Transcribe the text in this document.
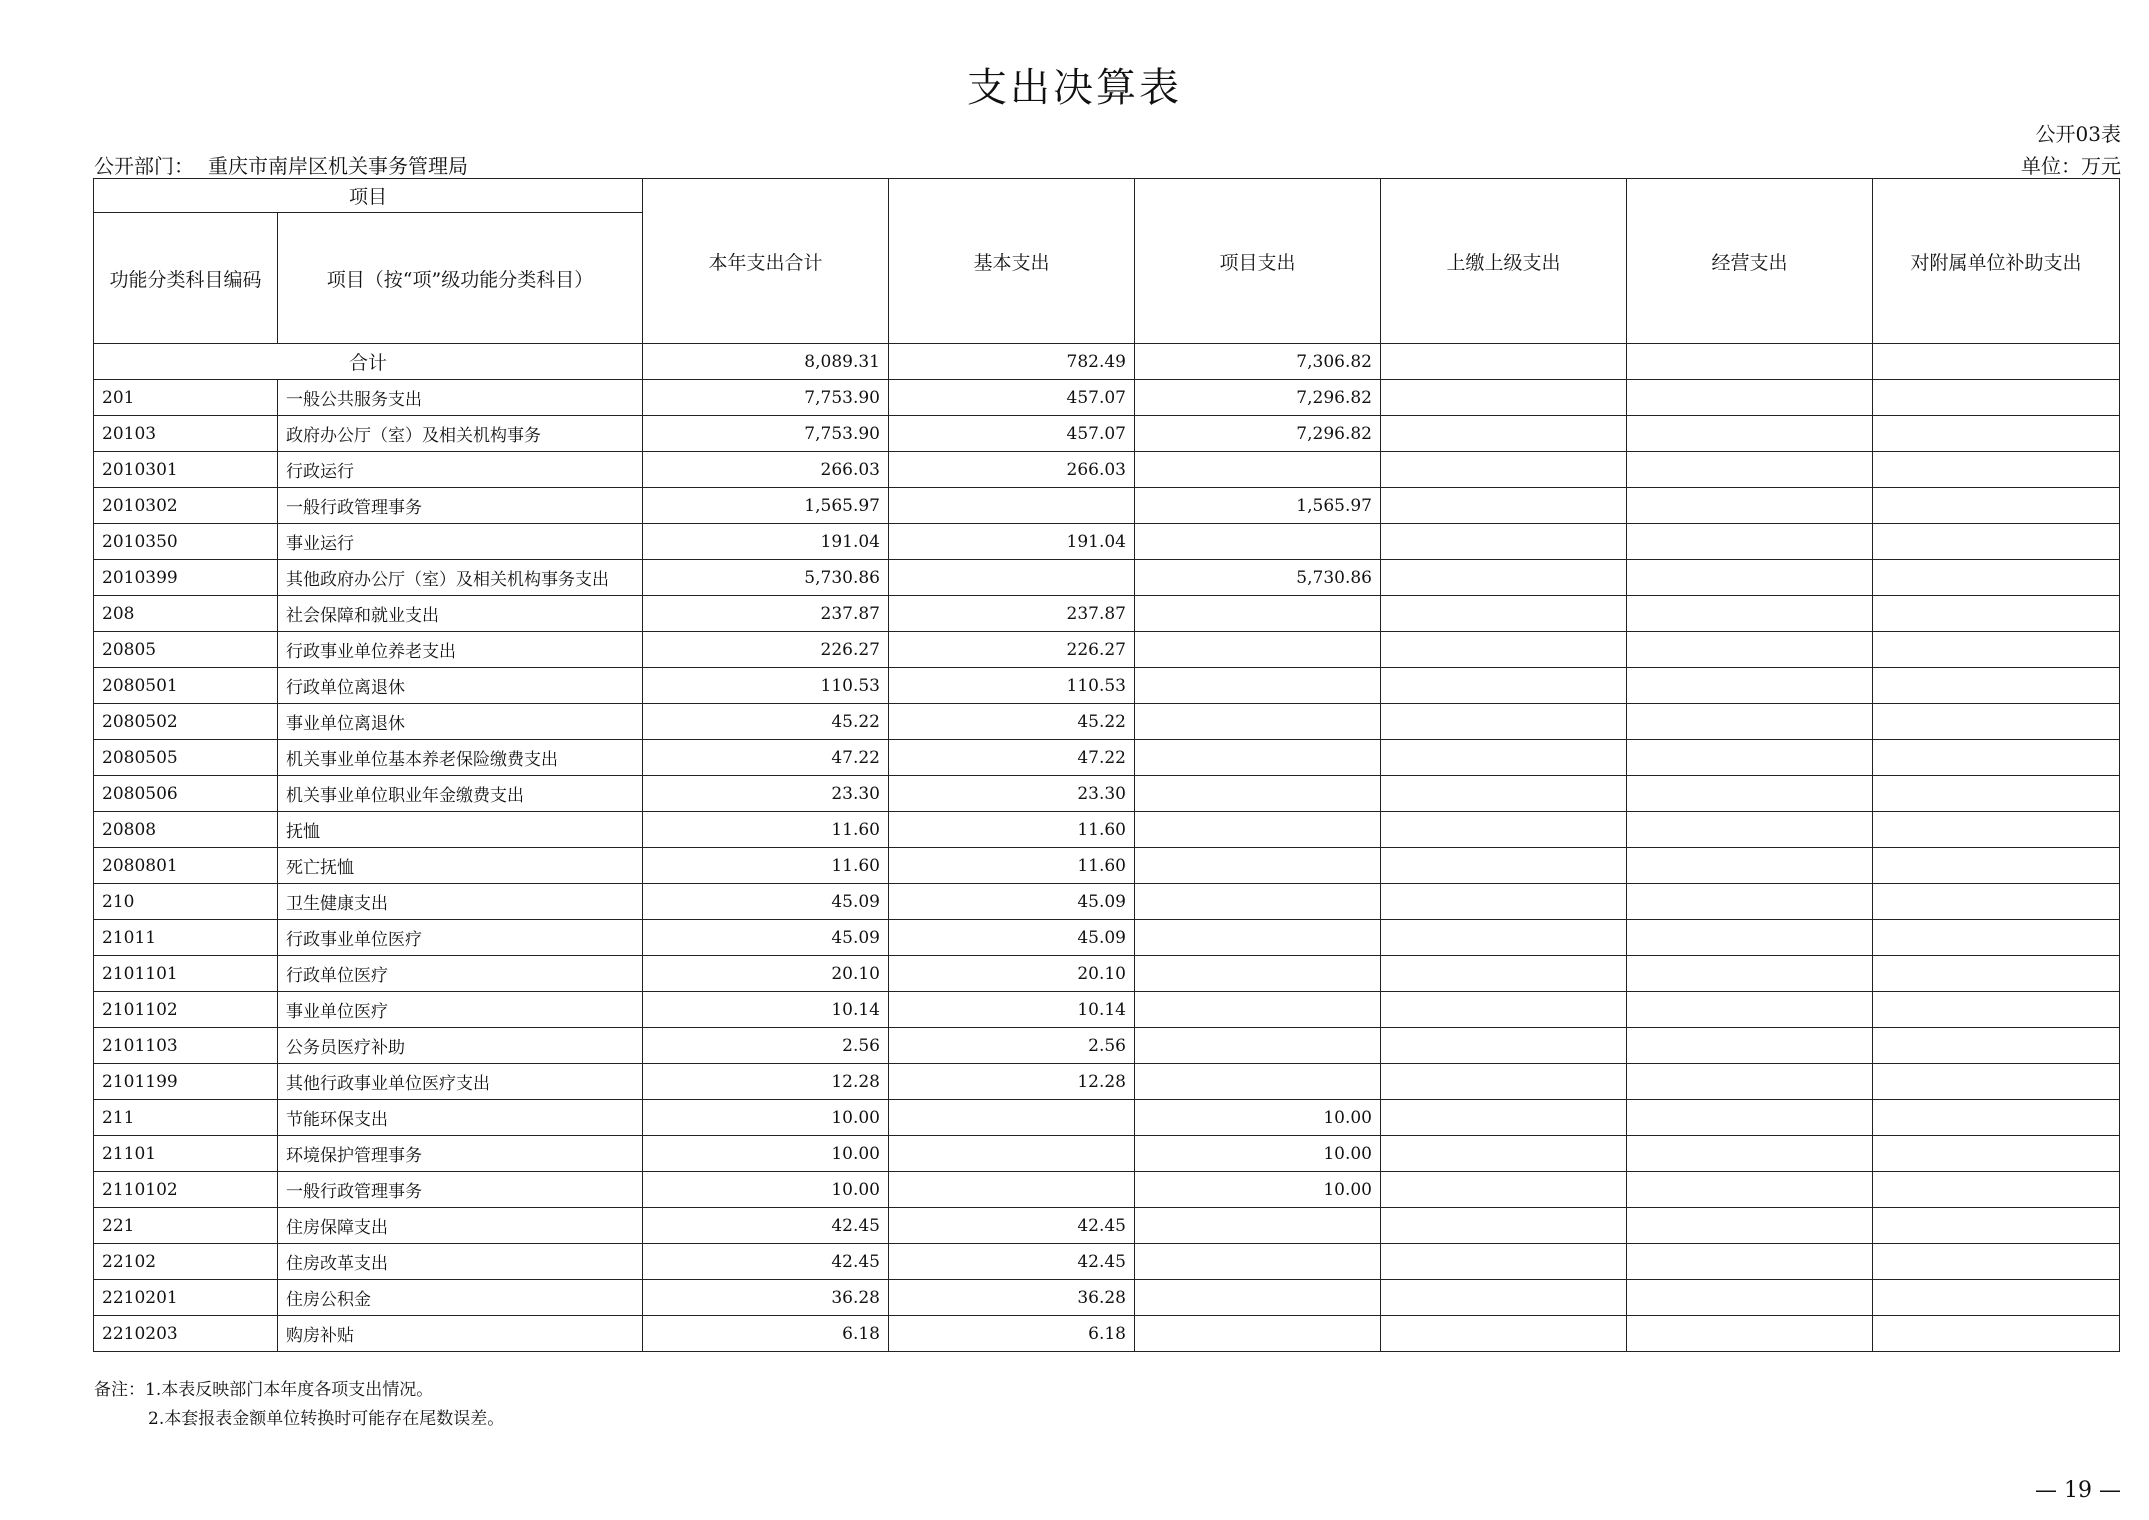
支出决算表
公开03表
公开部门： 重庆市南岸区机关事务管理局	单位：万元
项目		本年支出合计	基本支出	项目支出	上缴上级支出	经营支出	对附属单位补助支出
功能分类科目编码	项目（按“项”级功能分类科目）						
合计		8,089.31	782.49	7,306.82			
201	一般公共服务支出	7,753.90	457.07	7,296.82			
20103	政府办公厅（室）及相关机构事务	7,753.90	457.07	7,296.82			
2010301	行政运行	266.03	266.03				
2010302	一般行政管理事务	1,565.97		1,565.97			
2010350	事业运行	191.04	191.04				
2010399	其他政府办公厅（室）及相关机构事务支出	5,730.86		5,730.86			
208	社会保障和就业支出	237.87	237.87				
20805	行政事业单位养老支出	226.27	226.27				
2080501	行政单位离退休	110.53	110.53				
2080502	事业单位离退休	45.22	45.22				
2080505	机关事业单位基本养老保险缴费支出	47.22	47.22				
2080506	机关事业单位职业年金缴费支出	23.30	23.30				
20808	抚恤	11.60	11.60				
2080801	死亡抚恤	11.60	11.60				
210	卫生健康支出	45.09	45.09				
21011	行政事业单位医疗	45.09	45.09				
2101101	行政单位医疗	20.10	20.10				
2101102	事业单位医疗	10.14	10.14				
2101103	公务员医疗补助	2.56	2.56				
2101199	其他行政事业单位医疗支出	12.28	12.28				
211	节能环保支出	10.00		10.00			
21101	环境保护管理事务	10.00		10.00			
2110102	一般行政管理事务	10.00		10.00			
221	住房保障支出	42.45	42.45				
22102	住房改革支出	42.45	42.45				
2210201	住房公积金	36.28	36.28				
2210203	购房补贴	6.18	6.18				
备注：1.本表反映部门本年度各项支出情况。
2.本套报表金额单位转换时可能存在尾数误差。
— 19 —
